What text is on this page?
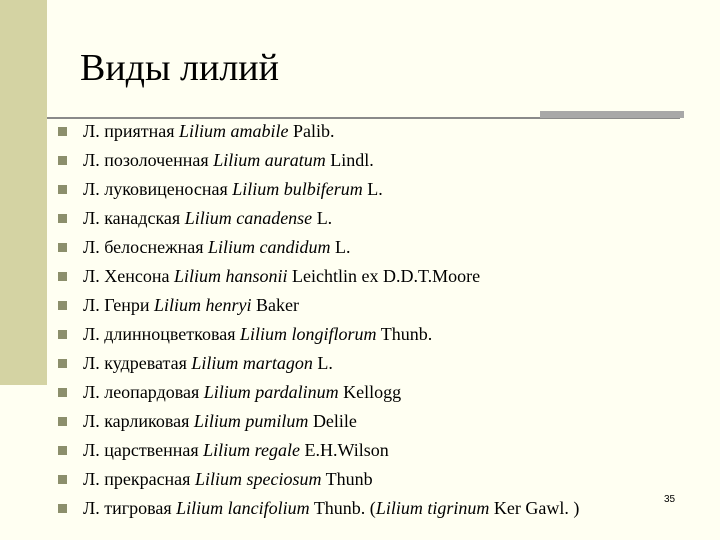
Виды лилий
Л. приятная Lilium amabile Palib.
Л. позолоченная Lilium auratum Lindl.
Л. луковиценосная Lilium bulbiferum L.
Л. канадская Lilium canadense L.
Л. белоснежная Lilium candidum L.
Л. Хенсона Lilium hansonii Leichtlin ex D.D.T.Moore
Л. Генри Lilium henryi Baker
Л. длинноцветковая Lilium longiflorum Thunb.
Л. кудреватая Lilium martagon L.
Л. леопардовая Lilium pardalinum Kellogg
Л. карликовая Lilium pumilum Delile
Л. царственная Lilium regale E.H.Wilson
Л. прекрасная Lilium speciosum Thunb
Л. тигровая Lilium lancifolium Thunb. (Lilium tigrinum Ker Gawl. )	35
